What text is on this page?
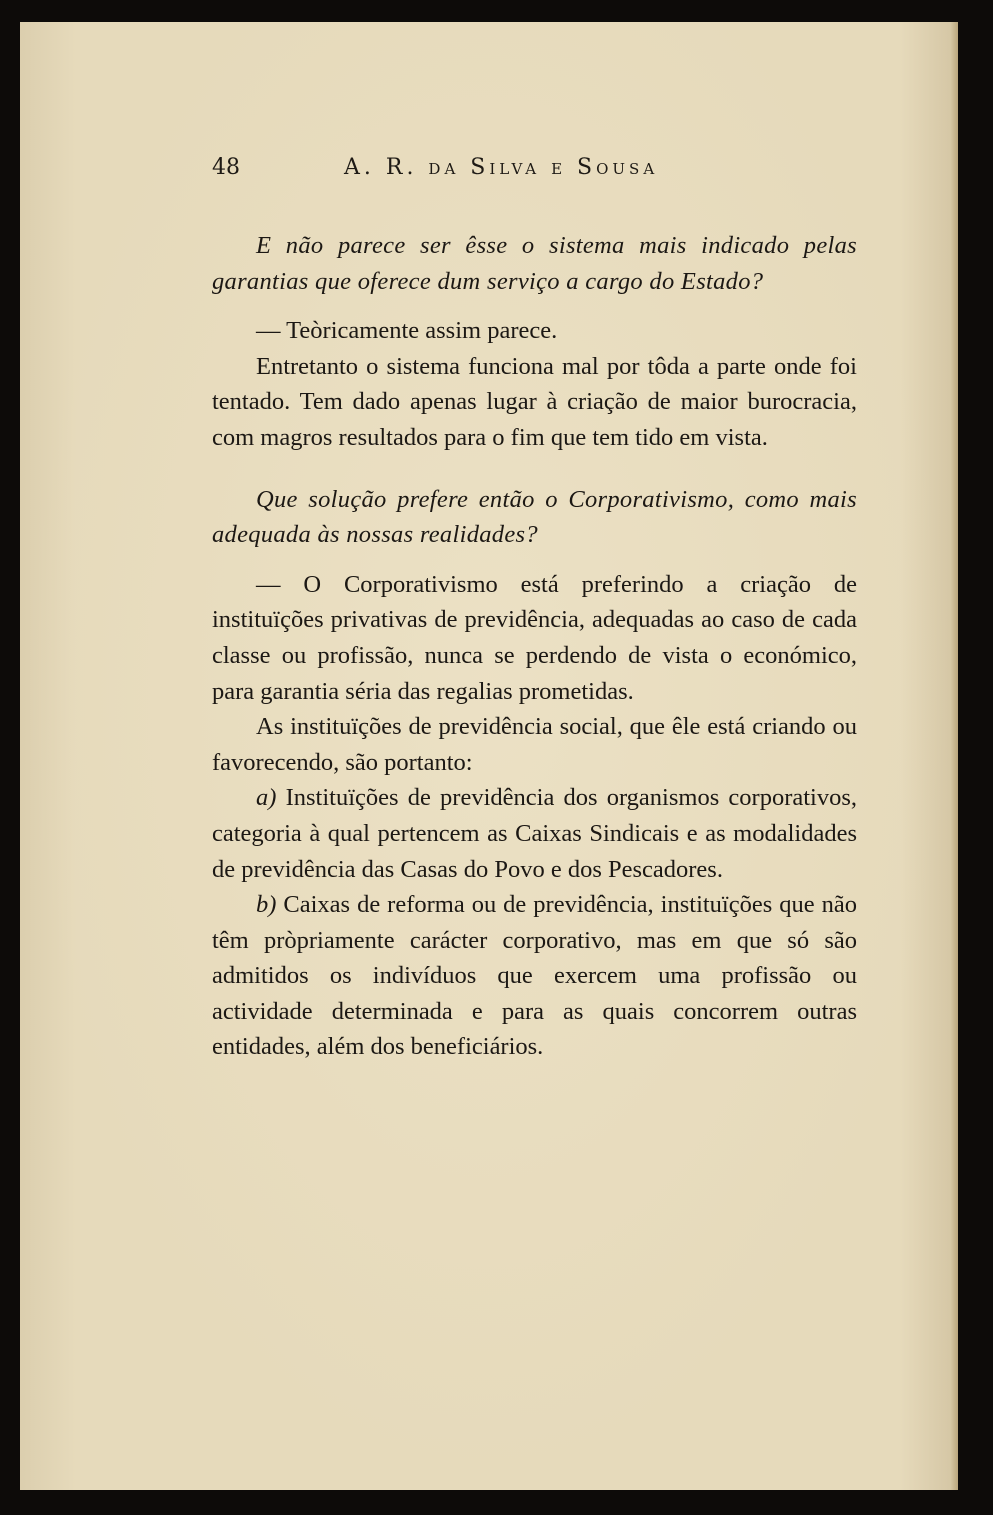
48	A. R. da Silva e Sousa

E não parece ser êsse o sistema mais indicado pelas garantias que oferece dum serviço a cargo do Estado?

— Teòricamente assim parece.

Entretanto o sistema funciona mal por tôda a parte onde foi tentado. Tem dado apenas lugar à criação de maior burocracia, com magros resultados para o fim que tem tido em vista.

Que solução prefere então o Corporativismo, como mais adequada às nossas realidades?

— O Corporativismo está preferindo a criação de instituïções privativas de previdência, adequadas ao caso de cada classe ou profissão, nunca se perdendo de vista o económico, para garantia séria das regalias prometidas.

As instituïções de previdência social, que êle está criando ou favorecendo, são portanto:

a) Instituïções de previdência dos organismos corporativos, categoria à qual pertencem as Caixas Sindicais e as modalidades de previdência das Casas do Povo e dos Pescadores.

b) Caixas de reforma ou de previdência, instituïções que não têm pròpriamente carácter corporativo, mas em que só são admitidos os indivíduos que exercem uma profissão ou actividade determinada e para as quais concorrem outras entidades, além dos beneficiários.
